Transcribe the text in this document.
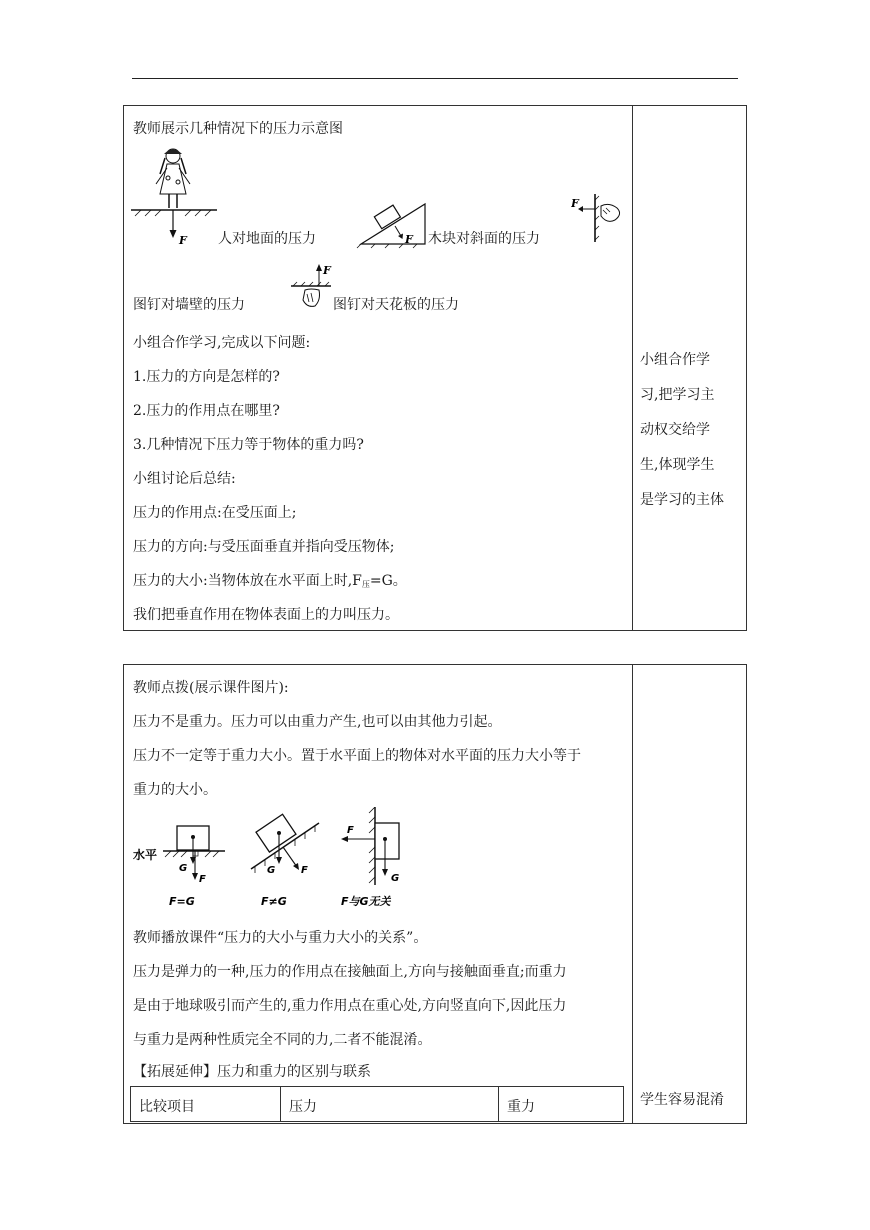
教师展示几种情况下的压力示意图
F 人对地面的压力	F 木块对斜面的压力
F
F
图钉对墙壁的压力	图钉对天花板的压力
小组合作学习,完成以下问题:
1.压力的方向是怎样的?
2.压力的作用点在哪里?
3.几种情况下压力等于物体的重力吗?
小组讨论后总结:
压力的作用点:在受压面上;
压力的方向:与受压面垂直并指向受压物体;
压力的大小:当物体放在水平面上时$,F_压=G$。
我们把垂直作用在物体表面上的力叫压力。
小组合作学
习,把学习主
动权交给学
生,体现学生
是学习的主体
教师点拨(展示课件图片):
压力不是重力。压力可以由重力产生,也可以由其他力引起。
压力不一定等于重力大小。置于水平面上的物体对水平面的压力大小等于
重力的大小。
水平
G
F
F=G
G	F
F≠G
F
G
F与G无关
教师播放课件“压力的大小与重力大小的关系”。
压力是弹力的一种,压力的作用点在接触面上,方向与接触面垂直;而重力
是由于地球吸引而产生的,重力作用点在重心处,方向竖直向下,因此压力
与重力是两种性质完全不同的力,二者不能混淆。
【拓展延伸】压力和重力的区别与联系
比较项目	压力	重力	学生容易混淆
